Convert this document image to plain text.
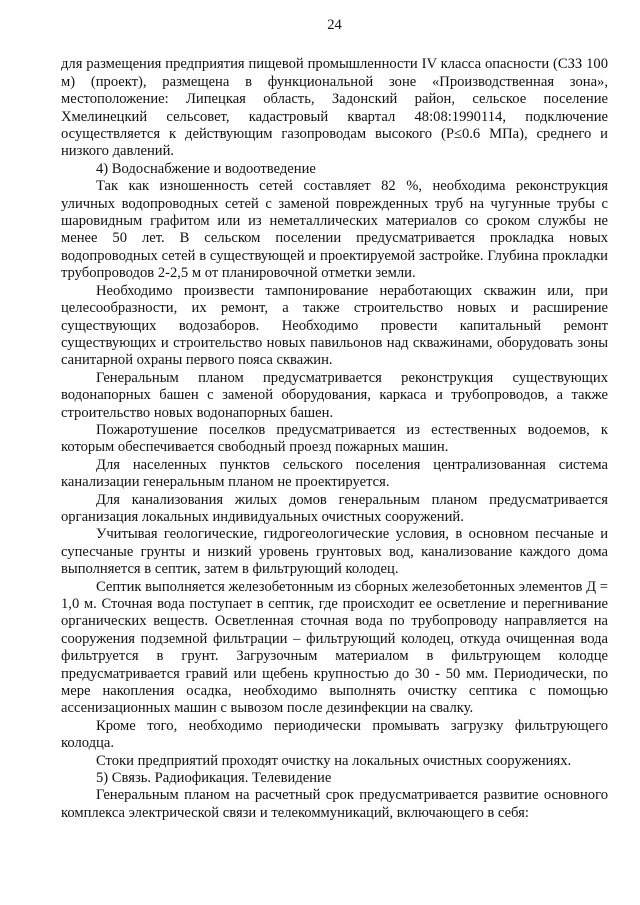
24

для размещения предприятия пищевой промышленности IV класса опасности (СЗЗ 100 м) (проект), размещена в функциональной зоне «Производственная зона», местоположение: Липецкая область, Задонский район, сельское поселение Хмелинецкий сельсовет, кадастровый квартал 48:08:1990114, подключение осуществляется к действующим газопроводам высокого (Р≤0.6 МПа), среднего и низкого давлений.

4) Водоснабжение и водоотведение

Так как изношенность сетей составляет 82 %, необходима реконструкция уличных водопроводных сетей с заменой поврежденных труб на чугунные трубы с шаровидным графитом или из неметаллических материалов со сроком службы не менее 50 лет. В сельском поселении предусматривается прокладка новых водопроводных сетей в существующей и проектируемой застройке. Глубина прокладки трубопроводов 2-2,5 м от планировочной отметки земли.

Необходимо произвести тампонирование неработающих скважин или, при целесообразности, их ремонт, а также строительство новых и расширение существующих водозаборов. Необходимо провести капитальный ремонт существующих и строительство новых павильонов над скважинами, оборудовать зоны санитарной охраны первого пояса скважин.

Генеральным планом предусматривается реконструкция существующих водонапорных башен с заменой оборудования, каркаса и трубопроводов, а также строительство новых водонапорных башен.

Пожаротушение поселков предусматривается из естественных водоемов, к которым обеспечивается свободный проезд пожарных машин.

Для населенных пунктов сельского поселения централизованная система канализации генеральным планом не проектируется.

Для канализования жилых домов генеральным планом предусматривается организация локальных индивидуальных очистных сооружений.

Учитывая геологические, гидрогеологические условия, в основном песчаные и супесчаные грунты и низкий уровень грунтовых вод, канализование каждого дома выполняется в септик, затем в фильтрующий колодец.

Септик выполняется железобетонным из сборных железобетонных элементов Д = 1,0 м. Сточная вода поступает в септик, где происходит ее осветление и перегнивание органических веществ. Осветленная сточная вода по трубопроводу направляется на сооружения подземной фильтрации – фильтрующий колодец, откуда очищенная вода фильтруется в грунт. Загрузочным материалом в фильтрующем колодце предусматривается гравий или щебень крупностью до 30 - 50 мм. Периодически, по мере накопления осадка, необходимо выполнять очистку септика с помощью ассенизационных машин с вывозом после дезинфекции на свалку.

Кроме того, необходимо периодически промывать загрузку фильтрующего колодца.

Стоки предприятий проходят очистку на локальных очистных сооружениях.

5) Связь. Радиофикация. Телевидение

Генеральным планом на расчетный срок предусматривается развитие основного комплекса электрической связи и телекоммуникаций, включающего в себя:
